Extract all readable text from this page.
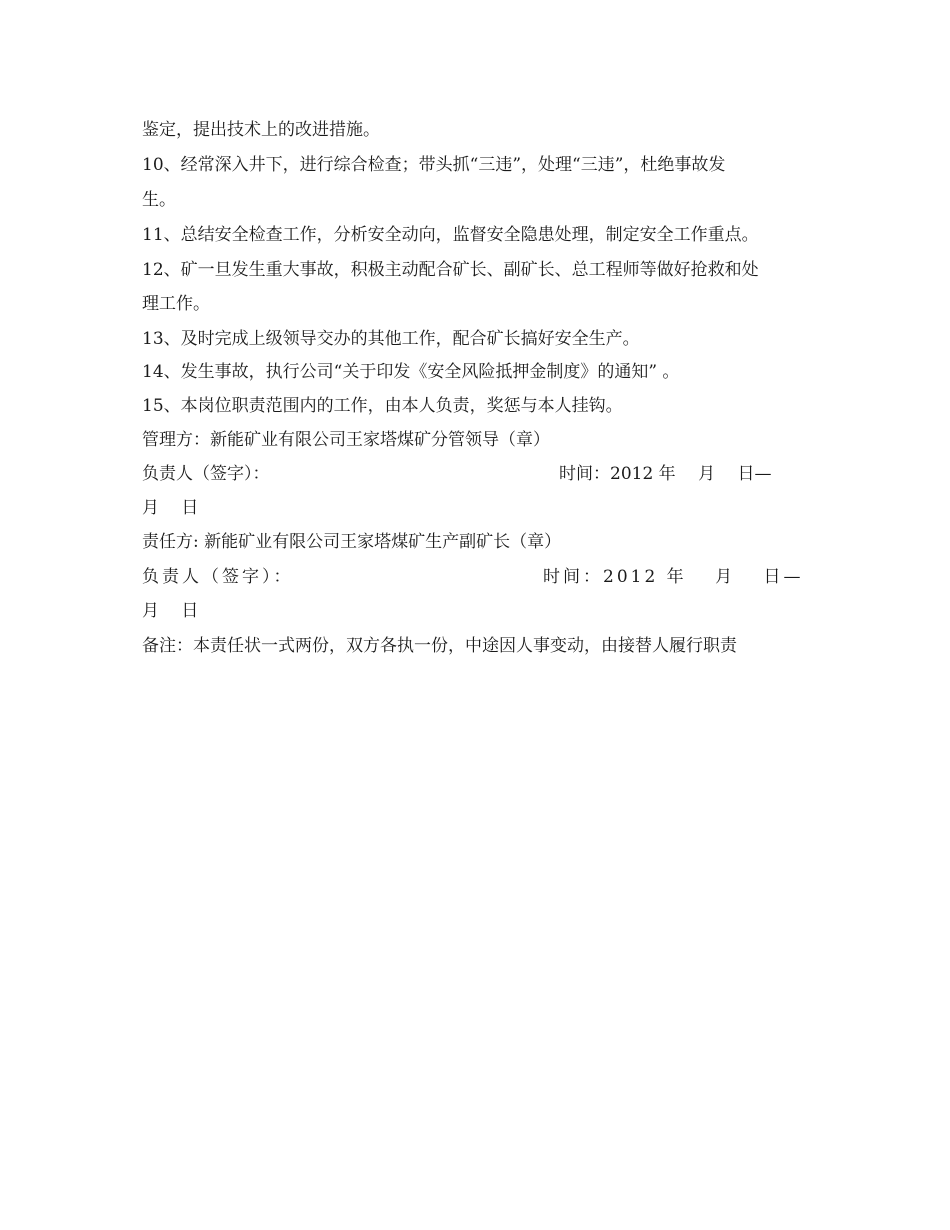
鉴定，提出技术上的改进措施。
10、经常深入井下，进行综合检查；带头抓“三违”，处理“三违”，杜绝事故发
生。
11、总结安全检查工作，分析安全动向，监督安全隐患处理，制定安全工作重点。
12、矿一旦发生重大事故，积极主动配合矿长、副矿长、总工程师等做好抢救和处
理工作。
13、及时完成上级领导交办的其他工作，配合矿长搞好安全生产。
14、发生事故，执行公司“关于印发《安全风险抵押金制度》的通知” 。
15、本岗位职责范围内的工作，由本人负责，奖惩与本人挂钩。
管理方：新能矿业有限公司王家塔煤矿分管领导（章）
负责人（签字）：	时间：2012 年 　月 　日—
月 　日
责任方: 新能矿业有限公司王家塔煤矿生产副矿长（章）
负责人（签字）：	时间：2012 年 　月 　日—
月 　日
备注：本责任状一式两份，双方各执一份，中途因人事变动，由接替人履行职责
